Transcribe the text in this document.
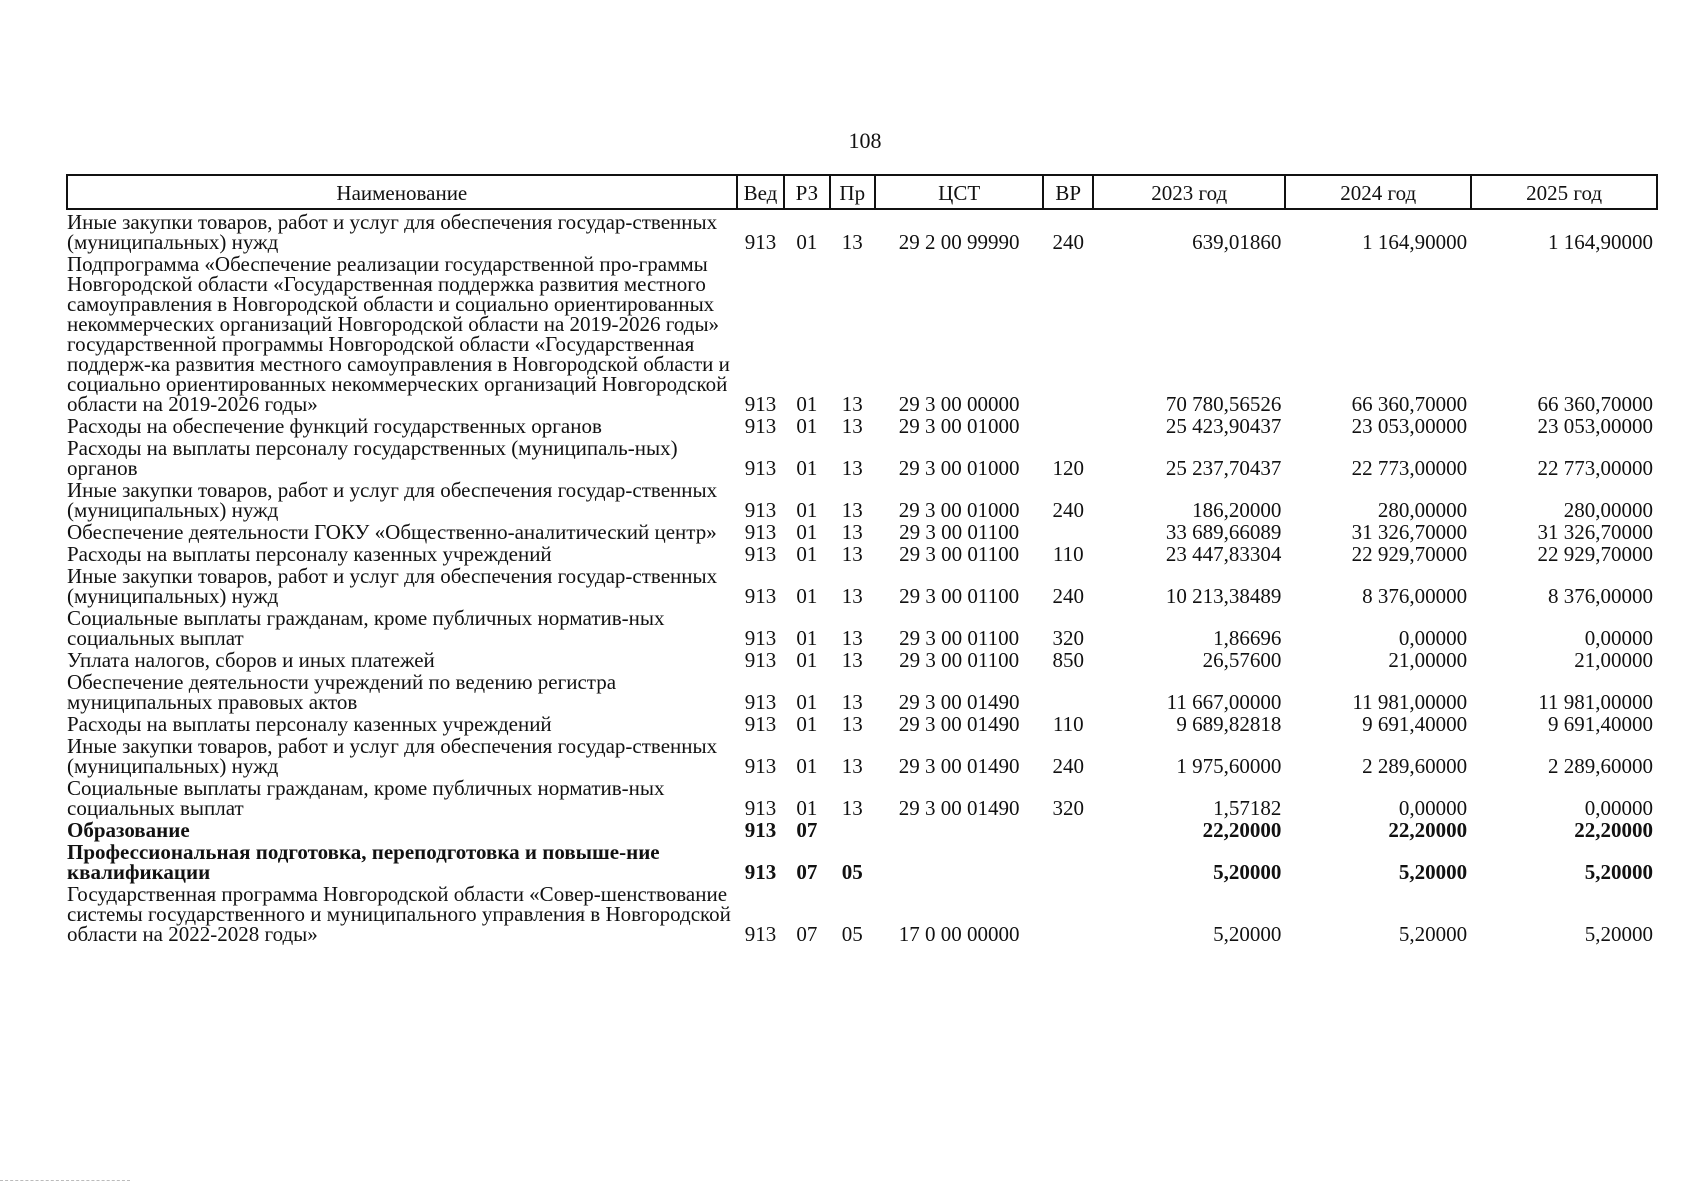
108
Наименование	Вед	РЗ	Пр	ЦСТ	ВР	2023 год	2024 год	2025 год
Иные закупки товаров, работ и услуг для обеспечения государ-ственных (муниципальных) нужд	913	01	13	29 2 00 99990	240	639,01860	1 164,90000	1 164,90000
Подпрограмма «Обеспечение реализации государственной про-граммы Новгородской области «Государственная поддержка развития местного самоуправления в Новгородской области и социально ориентированных некоммерческих организаций Новгородской области на 2019-2026 годы» государственной программы Новгородской области «Государственная поддерж-ка развития местного самоуправления в Новгородской области и социально ориентированных некоммерческих организаций Новгородской области на 2019-2026 годы»	913	01	13	29 3 00 00000		70 780,56526	66 360,70000	66 360,70000
Расходы на обеспечение функций государственных органов	913	01	13	29 3 00 01000		25 423,90437	23 053,00000	23 053,00000
Расходы на выплаты персоналу государственных (муниципаль-ных) органов	913	01	13	29 3 00 01000	120	25 237,70437	22 773,00000	22 773,00000
Иные закупки товаров, работ и услуг для обеспечения государ-ственных (муниципальных) нужд	913	01	13	29 3 00 01000	240	186,20000	280,00000	280,00000
Обеспечение деятельности ГОКУ «Общественно-аналитический центр»	913	01	13	29 3 00 01100		33 689,66089	31 326,70000	31 326,70000
Расходы на выплаты персоналу казенных учреждений	913	01	13	29 3 00 01100	110	23 447,83304	22 929,70000	22 929,70000
Иные закупки товаров, работ и услуг для обеспечения государ-ственных (муниципальных) нужд	913	01	13	29 3 00 01100	240	10 213,38489	8 376,00000	8 376,00000
Социальные выплаты гражданам, кроме публичных норматив-ных социальных выплат	913	01	13	29 3 00 01100	320	1,86696	0,00000	0,00000
Уплата налогов, сборов и иных платежей	913	01	13	29 3 00 01100	850	26,57600	21,00000	21,00000
Обеспечение деятельности учреждений по ведению регистра муниципальных правовых актов	913	01	13	29 3 00 01490		11 667,00000	11 981,00000	11 981,00000
Расходы на выплаты персоналу казенных учреждений	913	01	13	29 3 00 01490	110	9 689,82818	9 691,40000	9 691,40000
Иные закупки товаров, работ и услуг для обеспечения государ-ственных (муниципальных) нужд	913	01	13	29 3 00 01490	240	1 975,60000	2 289,60000	2 289,60000
Социальные выплаты гражданам, кроме публичных норматив-ных социальных выплат	913	01	13	29 3 00 01490	320	1,57182	0,00000	0,00000
Образование	913	07				22,20000	22,20000	22,20000
Профессиональная подготовка, переподготовка и повыше-ние квалификации	913	07	05			5,20000	5,20000	5,20000
Государственная программа Новгородской области «Совер-шенствование системы государственного и муниципального управления в Новгородской области на 2022-2028 годы»	913	07	05	17 0 00 00000		5,20000	5,20000	5,20000
